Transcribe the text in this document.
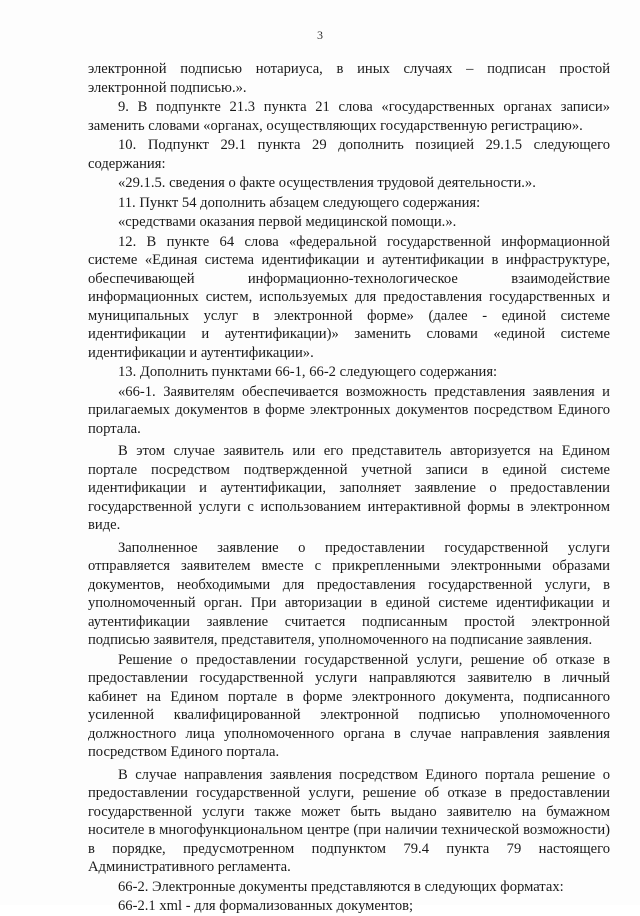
3

электронной подписью нотариуса, в иных случаях – подписан простой электронной подписью.».

9. В подпункте 21.3 пункта 21 слова «государственных органах записи» заменить словами «органах, осуществляющих государственную регистрацию».

10. Подпункт 29.1 пункта 29 дополнить позицией 29.1.5 следующего содержания:

«29.1.5. сведения о факте осуществления трудовой деятельности.».

11. Пункт 54 дополнить абзацем следующего содержания:

«средствами оказания первой медицинской помощи.».

12. В пункте 64 слова «федеральной государственной информационной системе «Единая система идентификации и аутентификации в инфраструктуре, обеспечивающей информационно-технологическое взаимодействие информационных систем, используемых для предоставления государственных и муниципальных услуг в электронной форме» (далее - единой системе идентификации и аутентификации)» заменить словами «единой системе идентификации и аутентификации».

13. Дополнить пунктами 66-1, 66-2 следующего содержания:

«66-1. Заявителям обеспечивается возможность представления заявления и прилагаемых документов в форме электронных документов посредством Единого портала.

В этом случае заявитель или его представитель авторизуется на Едином портале посредством подтвержденной учетной записи в единой системе идентификации и аутентификации, заполняет заявление о предоставлении государственной услуги с использованием интерактивной формы в электронном виде.

Заполненное заявление о предоставлении государственной услуги отправляется заявителем вместе с прикрепленными электронными образами документов, необходимыми для предоставления государственной услуги, в уполномоченный орган. При авторизации в единой системе идентификации и аутентификации заявление считается подписанным простой электронной подписью заявителя, представителя, уполномоченного на подписание заявления.

Решение о предоставлении государственной услуги, решение об отказе в предоставлении государственной услуги направляются заявителю в личный кабинет на Едином портале в форме электронного документа, подписанного усиленной квалифицированной электронной подписью уполномоченного должностного лица уполномоченного органа в случае направления заявления посредством Единого портала.

В случае направления заявления посредством Единого портала решение о предоставлении государственной услуги, решение об отказе в предоставлении государственной услуги также может быть выдано заявителю на бумажном носителе в многофункциональном центре (при наличии технической возможности) в порядке, предусмотренном подпунктом 79.4 пункта 79 настоящего Административного регламента.

66-2. Электронные документы представляются в следующих форматах:

66-2.1 xml - для формализованных документов;
